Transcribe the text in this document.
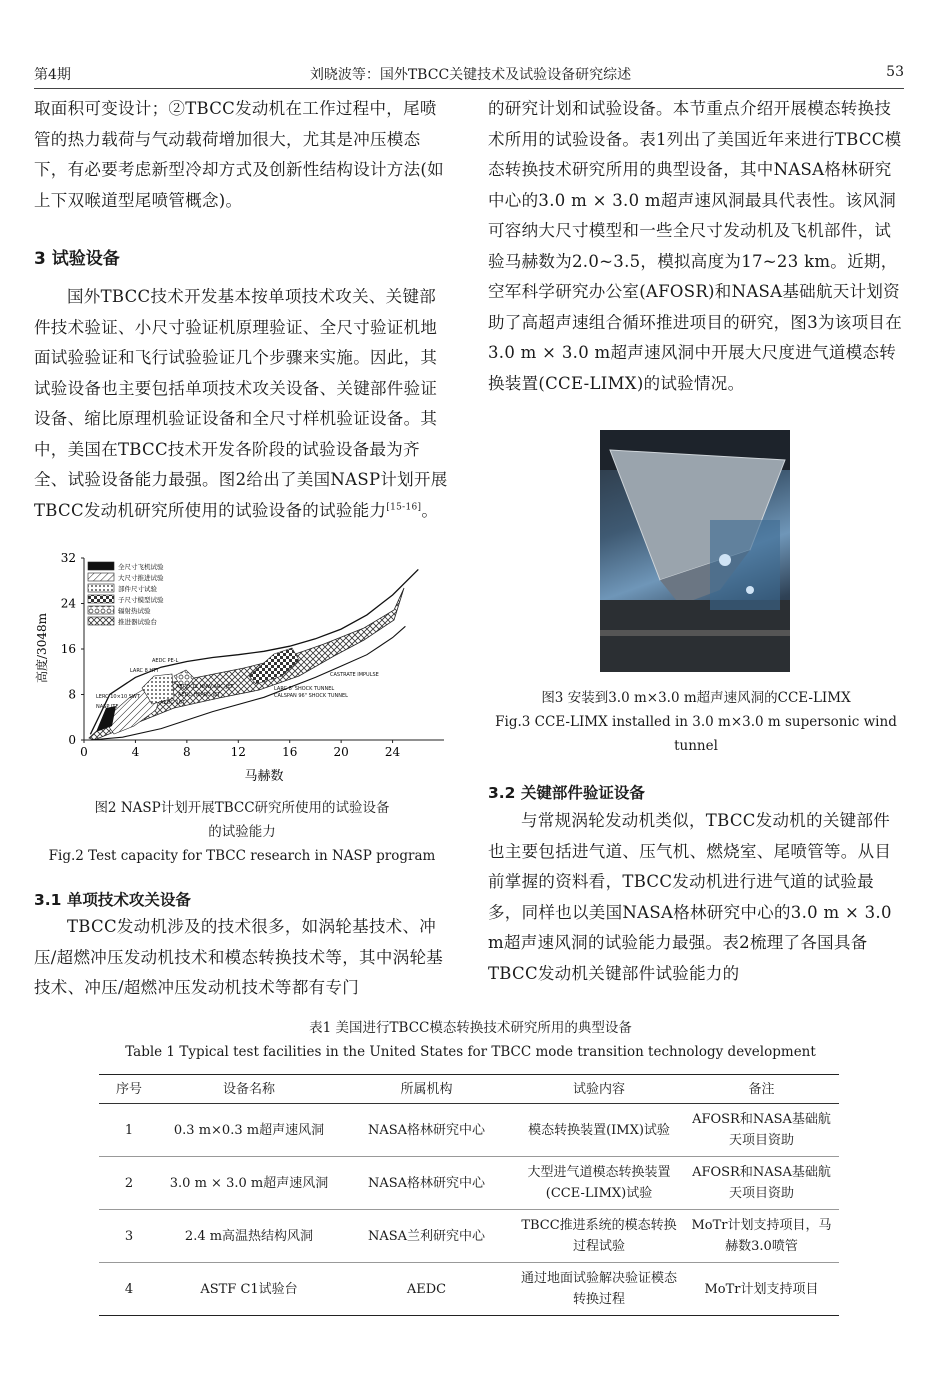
第4期	刘晓波等：国外TBCC关键技术及试验设备研究综述	53

取面积可变设计；②TBCC发动机在工作过程中，尾喷管的热力载荷与气动载荷增加很大，尤其是冲压模态下，有必要考虑新型冷却方式及创新性结构设计方法(如上下双喉道型尾喷管概念)。

3 试验设备

国外TBCC技术开发基本按单项技术攻关、关键部件技术验证、小尺寸验证机原理验证、全尺寸验证机地面试验验证和飞行试验验证几个步骤来实施。因此，其试验设备也主要包括单项技术攻关设备、关键部件验证设备、缩比原理机验证设备和全尺寸样机验证设备。其中，美国在TBCC技术开发各阶段的试验设备最为齐全、试验设备能力最强。图2给出了美国NASP计划开展TBCC发动机研究所使用的试验设备的试验能力[15-16]。

0
8
16
24
32
0	4	8	12	16	20	24
高度/3048m
马赫数
全尺寸飞机试验
大尺寸推进试验
部件尺寸试验
子尺寸模型试验
辐射热试验
推进器试验台
LERC 10×10 SWT
LARC 8 HTT
AEDC PE-L
NASP ITF
AEDC 16T
AERO 12 NNW ARC-JET
AEDC HEARC-JET
LARC 8' SHOCK TUNNEL
CALSPAN 96" SHOCK TUNNEL
CASTRATE IMPULSE
图2 NASP计划开展TBCC研究所使用的试验设备
的试验能力
Fig.2 Test capacity for TBCC research in NASP program
3.1 单项技术攻关设备

TBCC发动机涉及的技术很多，如涡轮基技术、冲压/超燃冲压发动机技术和模态转换技术等，其中涡轮基技术、冲压/超燃冲压发动机技术等都有专门

的研究计划和试验设备。本节重点介绍开展模态转换技术所用的试验设备。表1列出了美国近年来进行TBCC模态转换技术研究所用的典型设备，其中NASA格林研究中心的3.0 m × 3.0 m超声速风洞最具代表性。该风洞可容纳大尺寸模型和一些全尺寸发动机及飞机部件，试验马赫数为2.0~3.5，模拟高度为17~23 km。近期，空军科学研究办公室(AFOSR)和NASA基础航天计划资助了高超声速组合循环推进项目的研究，图3为该项目在3.0 m × 3.0 m超声速风洞中开展大尺度进气道模态转换装置(CCE-LIMX)的试验情况。

图3 安装到3.0 m×3.0 m超声速风洞的CCE-LIMX
Fig.3 CCE-LIMX installed in 3.0 m×3.0 m supersonic wind
tunnel
3.2 关键部件验证设备

与常规涡轮发动机类似，TBCC发动机的关键部件也主要包括进气道、压气机、燃烧室、尾喷管等。从目前掌握的资料看，TBCC发动机进行进气道的试验最多，同样也以美国NASA格林研究中心的3.0 m × 3.0 m超声速风洞的试验能力最强。表2梳理了各国具备TBCC发动机关键部件试验能力的

表1 美国进行TBCC模态转换技术研究所用的典型设备
Table 1 Typical test facilities in the United States for TBCC mode transition technology development
序号	设备名称	所属机构	试验内容	备注
1	0.3 m×0.3 m超声速风洞	NASA格林研究中心	模态转换装置(IMX)试验	AFOSR和NASA基础航天项目资助
2	3.0 m × 3.0 m超声速风洞	NASA格林研究中心	大型进气道模态转换装置(CCE-LIMX)试验	AFOSR和NASA基础航天项目资助
3	2.4 m高温热结构风洞	NASA兰利研究中心	TBCC推进系统的模态转换过程试验	MoTr计划支持项目，马赫数3.0喷管
4	ASTF C1试验台	AEDC	通过地面试验解决验证模态转换过程	MoTr计划支持项目
